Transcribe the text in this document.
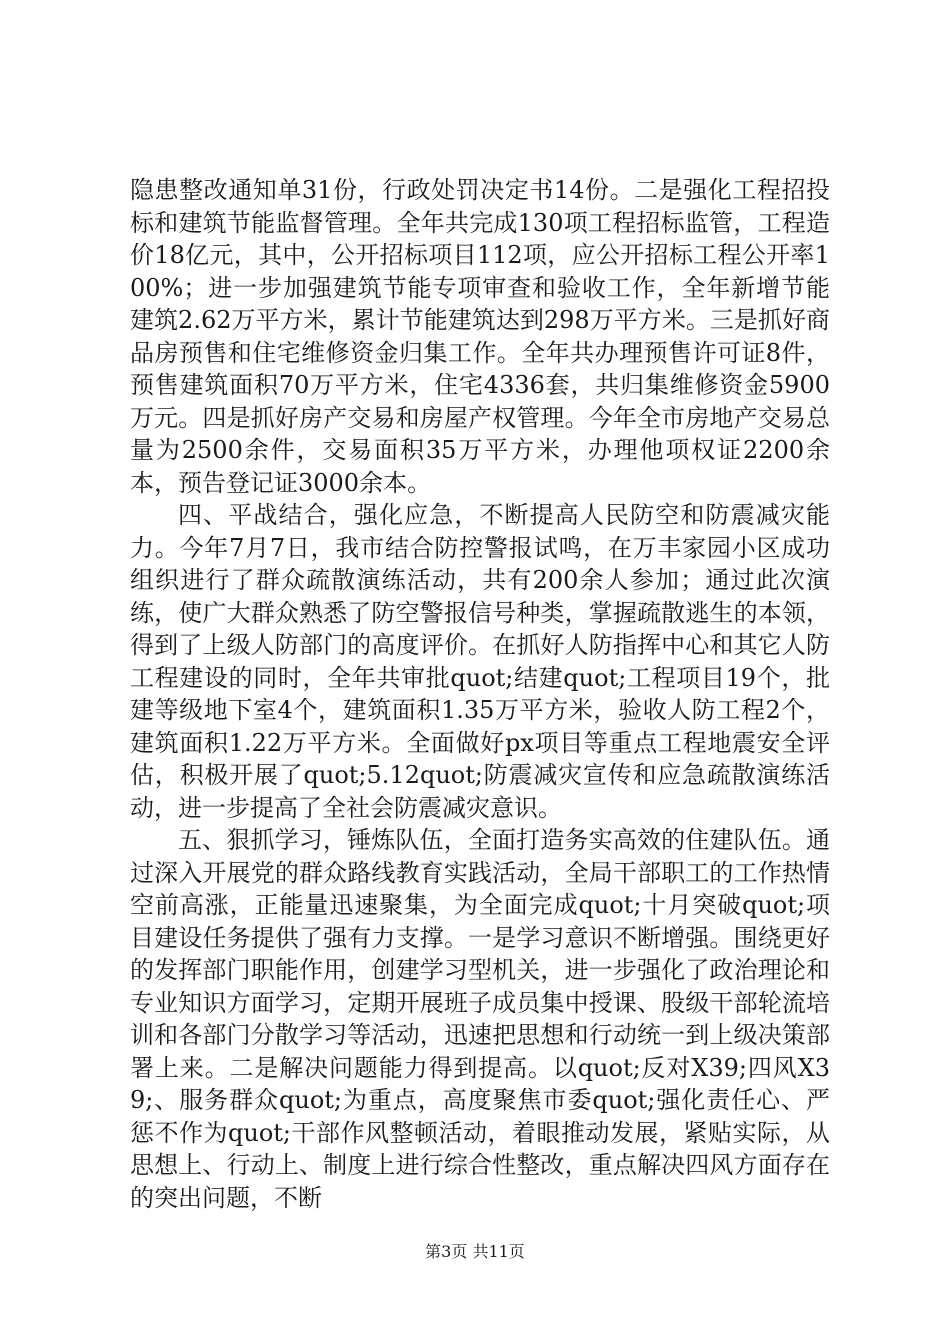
隐患整改通知单31份，行政处罚决定书14份。二是强化工程招投标和建筑节能监督管理。全年共完成130项工程招标监管，工程造价18亿元，其中，公开招标项目112项，应公开招标工程公开率100%；进一步加强建筑节能专项审查和验收工作，全年新增节能建筑2.62万平方米，累计节能建筑达到298万平方米。三是抓好商品房预售和住宅维修资金归集工作。全年共办理预售许可证8件，预售建筑面积70万平方米，住宅4336套，共归集维修资金5900万元。四是抓好房产交易和房屋产权管理。今年全市房地产交易总量为2500余件，交易面积35万平方米，办理他项权证2200余本，预告登记证3000余本。

四、平战结合，强化应急，不断提高人民防空和防震减灾能力。今年7月7日，我市结合防控警报试鸣，在万丰家园小区成功组织进行了群众疏散演练活动，共有200余人参加；通过此次演练，使广大群众熟悉了防空警报信号种类，掌握疏散逃生的本领，得到了上级人防部门的高度评价。在抓好人防指挥中心和其它人防工程建设的同时，全年共审批quot;结建quot;工程项目19个，批建等级地下室4个，建筑面积1.35万平方米，验收人防工程2个，建筑面积1.22万平方米。全面做好px项目等重点工程地震安全评估，积极开展了quot;5.12quot;防震减灾宣传和应急疏散演练活动，进一步提高了全社会防震减灾意识。

五、狠抓学习，锤炼队伍，全面打造务实高效的住建队伍。通过深入开展党的群众路线教育实践活动，全局干部职工的工作热情空前高涨，正能量迅速聚集，为全面完成quot;十月突破quot;项目建设任务提供了强有力支撑。一是学习意识不断增强。围绕更好的发挥部门职能作用，创建学习型机关，进一步强化了政治理论和专业知识方面学习，定期开展班子成员集中授课、股级干部轮流培训和各部门分散学习等活动，迅速把思想和行动统一到上级决策部署上来。二是解决问题能力得到提高。以quot;反对X39;四风X39;、服务群众quot;为重点，高度聚焦市委quot;强化责任心、严惩不作为quot;干部作风整顿活动，着眼推动发展，紧贴实际，从思想上、行动上、制度上进行综合性整改，重点解决四风方面存在的突出问题，不断

第3页 共11页
